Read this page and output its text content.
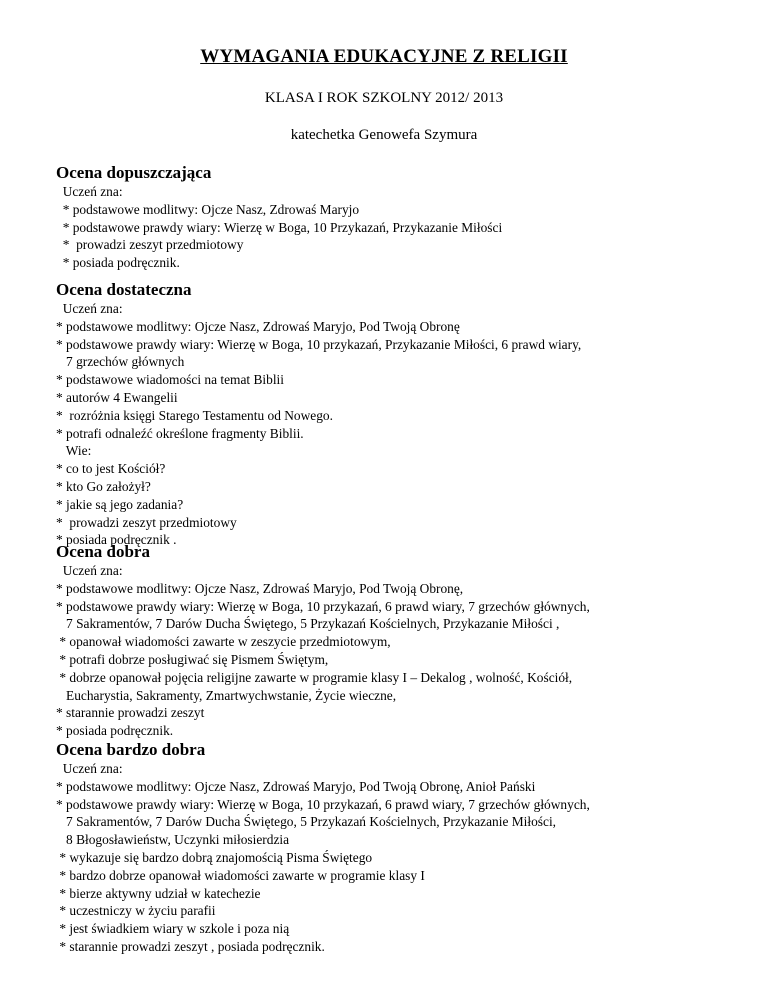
WYMAGANIA EDUKACYJNE Z RELIGII
KLASA I ROK SZKOLNY 2012/ 2013
katechetka Genowefa Szymura
Ocena dopuszczająca
Uczeń zna:
* podstawowe modlitwy: Ojcze Nasz, Zdrowaś Maryjo
* podstawowe prawdy wiary: Wierzę w Boga, 10 Przykazań, Przykazanie Miłości
*  prowadzi zeszyt przedmiotowy
* posiada podręcznik.
Ocena dostateczna
Uczeń zna:
* podstawowe modlitwy: Ojcze Nasz, Zdrowaś Maryjo, Pod Twoją Obronę
* podstawowe prawdy wiary: Wierzę w Boga, 10 przykazań, Przykazanie Miłości, 6 prawd wiary,
7 grzechów głównych
* podstawowe wiadomości na temat Biblii
* autorów 4 Ewangelii
*  rozróżnia księgi Starego Testamentu od Nowego.
* potrafi odnaleźć określone fragmenty Biblii.
Wie:
* co to jest Kościół?
* kto Go założył?
* jakie są jego zadania?
*  prowadzi zeszyt przedmiotowy
* posiada podręcznik .
Ocena dobra
Uczeń zna:
* podstawowe modlitwy: Ojcze Nasz, Zdrowaś Maryjo, Pod Twoją Obronę,
* podstawowe prawdy wiary: Wierzę w Boga, 10 przykazań, 6 prawd wiary, 7 grzechów głównych,
7 Sakramentów, 7 Darów Ducha Świętego, 5 Przykazań Kościelnych, Przykazanie Miłości ,
* opanował wiadomości zawarte w zeszycie przedmiotowym,
* potrafi dobrze posługiwać się Pismem Świętym,
* dobrze opanował pojęcia religijne zawarte w programie klasy I – Dekalog , wolność, Kościół,
Eucharystia, Sakramenty, Zmartwychwstanie, Życie wieczne,
* starannie prowadzi zeszyt
* posiada podręcznik.
Ocena bardzo dobra
Uczeń zna:
* podstawowe modlitwy: Ojcze Nasz, Zdrowaś Maryjo, Pod Twoją Obronę, Anioł Pański
* podstawowe prawdy wiary: Wierzę w Boga, 10 przykazań, 6 prawd wiary, 7 grzechów głównych,
7 Sakramentów, 7 Darów Ducha Świętego, 5 Przykazań Kościelnych, Przykazanie Miłości,
8 Błogosławieństw, Uczynki miłosierdzia
* wykazuje się bardzo dobrą znajomością Pisma Świętego
* bardzo dobrze opanował wiadomości zawarte w programie klasy I
* bierze aktywny udział w katechezie
* uczestniczy w życiu parafii
* jest świadkiem wiary w szkole i poza nią
* starannie prowadzi zeszyt , posiada podręcznik.
